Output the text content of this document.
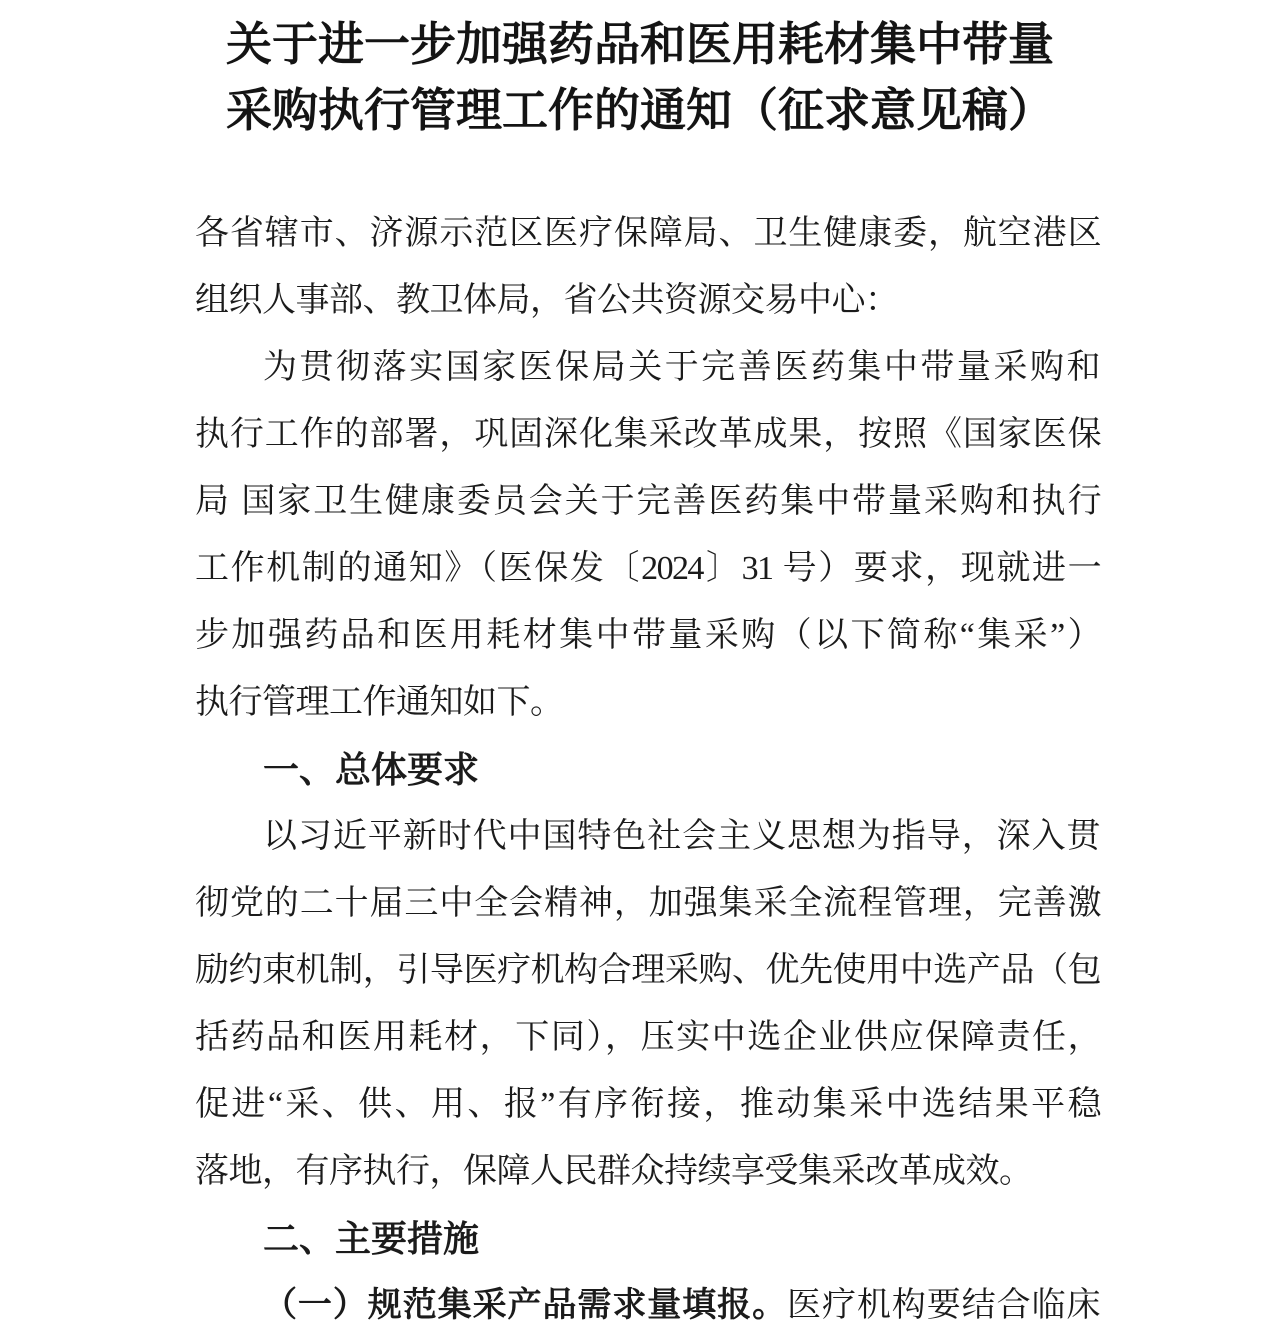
关于进一步加强药品和医用耗材集中带量
采购执行管理工作的通知（征求意见稿）
各省辖市、济源示范区医疗保障局、卫生健康委，航空港区
组织人事部、教卫体局，省公共资源交易中心：
为贯彻落实国家医保局关于完善医药集中带量采购和
执行工作的部署，巩固深化集采改革成果，按照《国家医保
局 国家卫生健康委员会关于完善医药集中带量采购和执行
工作机制的通知》（医保发〔2024〕31 号）要求，现就进一
步加强药品和医用耗材集中带量采购（以下简称“集采”）
执行管理工作通知如下。
一、总体要求
以习近平新时代中国特色社会主义思想为指导，深入贯
彻党的二十届三中全会精神，加强集采全流程管理，完善激
励约束机制，引导医疗机构合理采购、优先使用中选产品（包
括药品和医用耗材，下同），压实中选企业供应保障责任，
促进“采、供、用、报”有序衔接，推动集采中选结果平稳
落地，有序执行，保障人民群众持续享受集采改革成效。
二、主要措施
（一）规范集采产品需求量填报。医疗机构要结合临床
